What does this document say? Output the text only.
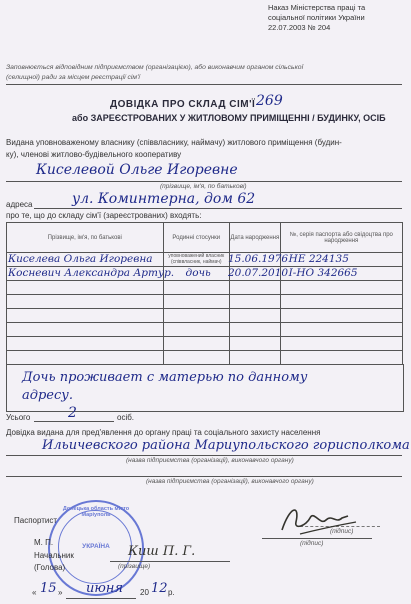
Наказ Міністерства праці та
соціальної політики України
22.07.2003 № 204
Заповнюється відповідним підприємством (організацією), або виконавчим органом сільської
(селищної) ради за місцем реєстрації сім'ї
ДОВІДКА ПРО СКЛАД СІМ'Ї 269
або ЗАРЕЄСТРОВАНИХ У ЖИТЛОВОМУ ПРИМІЩЕННІ / БУДИНКУ, ОСІБ
Видана уповноваженому власнику (співвласнику, наймачу) житлового приміщення (будин-
ку), членові житлово-будівельного кооперативу
Киселевой Ольге Игоревне
(прізвище, ім'я, по батькові)
адреса	ул. Коминтерна, дом 62
про те, що до складу сім'ї (зареєстрованих) входять:
Прізвище, ім'я, по батькові	Родинні стосунки	Дата народження	№, серія паспорта або свідоцтва про народження

Киселева Ольга Игоревна	уповноважений власник (співвласник, наймач)	15.06.1976	НЕ 224135

Косневич Александра Артур.	дочь	20.07.2010	I-НО 342665

Дочь проживает с матерью по данному
адресу.
Усього	2	осіб.
Довідка видана для пред'явлення до органу праці та соціального захисту населення
Ильичевского района Мариупольского горисполкома
(назва підприємства (організації), виконавчого органу)
(назва підприємства (організації), виконавчого органу)
Паспортист
(підпис)
Донецька область місто Маріуполь
УКРАЇНА
М. П.
Начальник
(Голова)
Киш П. Г.
(прізвище)
(підпис)
« 15 » июня 20 12 р.
